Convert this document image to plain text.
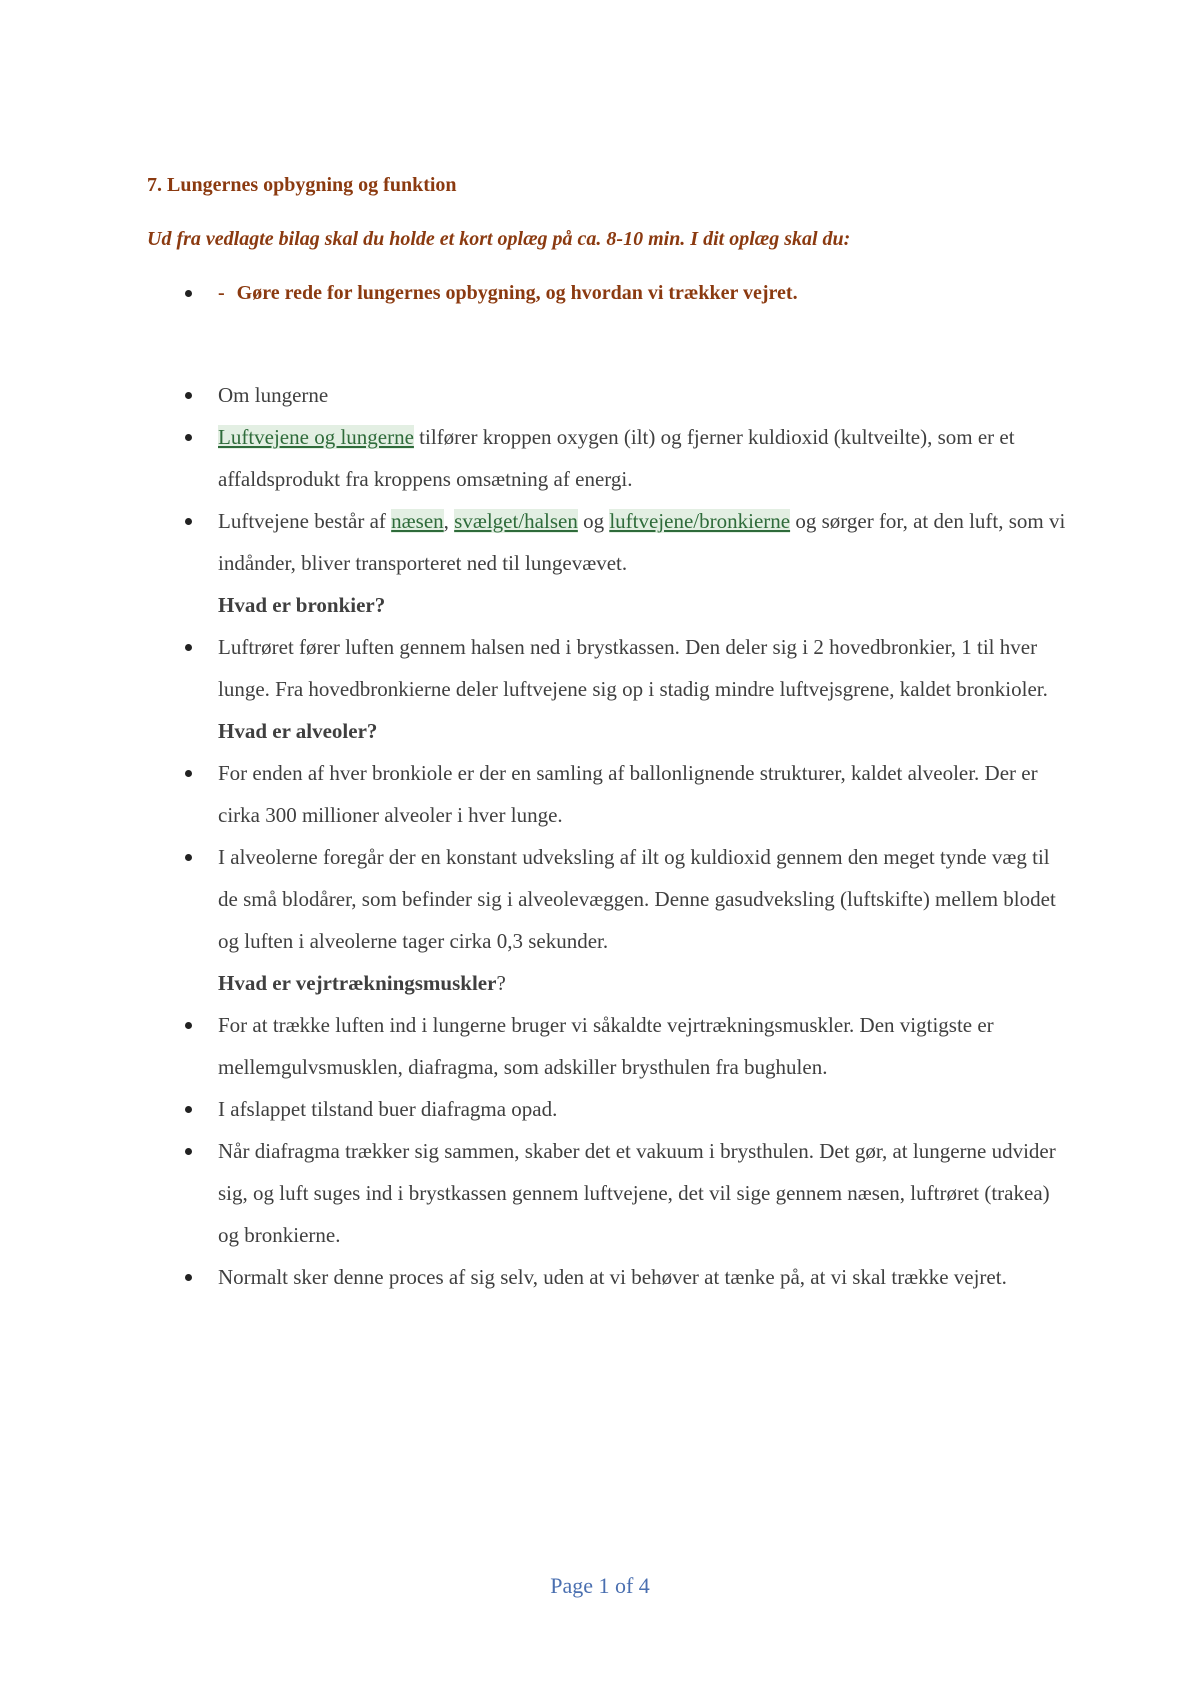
7. Lungernes opbygning og funktion
Ud fra vedlagte bilag skal du holde et kort oplæg på ca. 8-10 min. I dit oplæg skal du:
- Gøre rede for lungernes opbygning, og hvordan vi trækker vejret.
Om lungerne
Luftvejene og lungerne tilfører kroppen oxygen (ilt) og fjerner kuldioxid (kultveilte), som er et affaldsprodukt fra kroppens omsætning af energi.
Luftvejene består af næsen, svælget/halsen og luftvejene/bronkierne og sørger for, at den luft, som vi indånder, bliver transporteret ned til lungevævet.
Hvad er bronkier?
Luftrøret fører luften gennem halsen ned i brystkassen. Den deler sig i 2 hovedbronkier, 1 til hver lunge. Fra hovedbronkierne deler luftvejene sig op i stadig mindre luftvejsgrene, kaldet bronkioler.
Hvad er alveoler?
For enden af hver bronkiole er der en samling af ballonlignende strukturer, kaldet alveoler. Der er cirka 300 millioner alveoler i hver lunge.
I alveolerne foregår der en konstant udveksling af ilt og kuldioxid gennem den meget tynde væg til de små blodårer, som befinder sig i alveolevæggen. Denne gasudveksling (luftskifte) mellem blodet og luften i alveolerne tager cirka 0,3 sekunder.
Hvad er vejrtrækningsmuskler?
For at trække luften ind i lungerne bruger vi såkaldte vejrtrækningsmuskler. Den vigtigste er mellemgulvsmusklen, diafragma, som adskiller brysthulen fra bughulen.
I afslappet tilstand buer diafragma opad.
Når diafragma trækker sig sammen, skaber det et vakuum i brysthulen. Det gør, at lungerne udvider sig, og luft suges ind i brystkassen gennem luftvejene, det vil sige gennem næsen, luftrøret (trakea) og bronkierne.
Normalt sker denne proces af sig selv, uden at vi behøver at tænke på, at vi skal trække vejret.
Page 1 of 4
